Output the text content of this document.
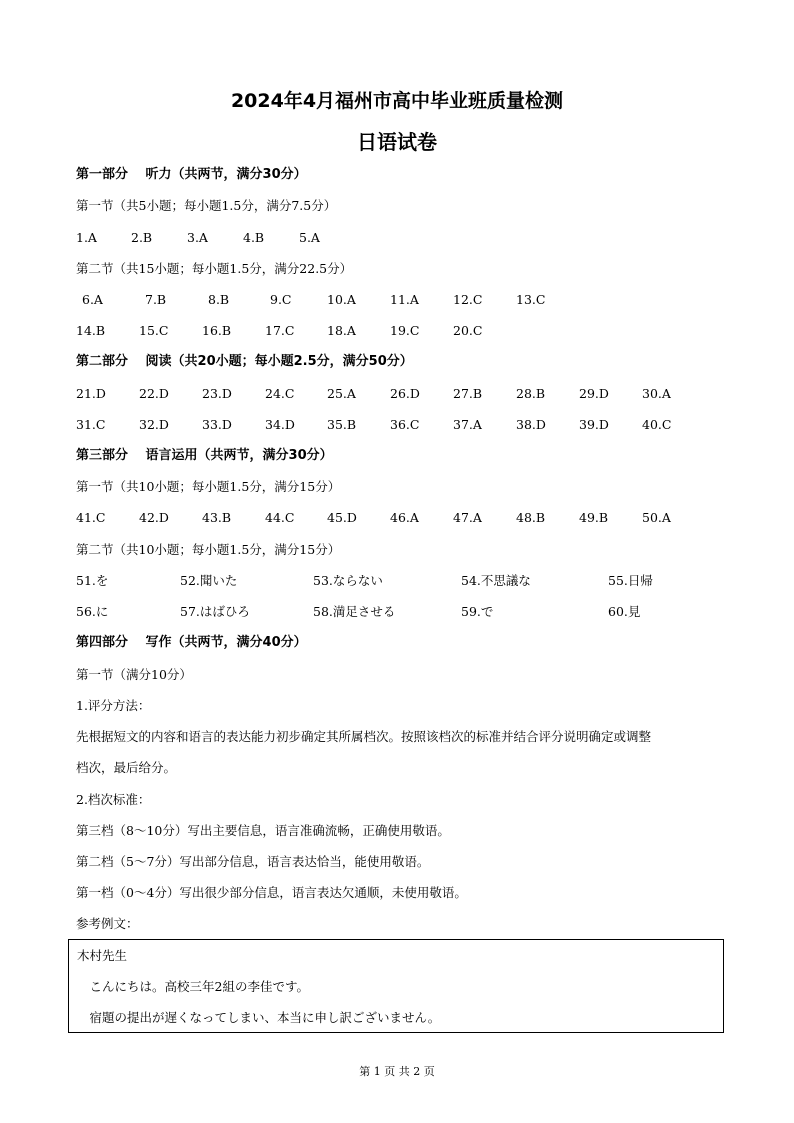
2024年4月福州市高中毕业班质量检测
日语试卷
第一部分　 听力（共两节，满分30分）
第一节（共5小题；每小题1.5分，满分7.5分）
1.A	2.B	3.A	4.B	5.A
第二节（共15小题；每小题1.5分，满分22.5分）
6.A	7.B	8.B	9.C	10.A	11.A	12.C	13.C
14.B	15.C	16.B	17.C	18.A	19.C	20.C
第二部分　 阅读（共20小题；每小题2.5分，满分50分）
21.D	22.D	23.D	24.C	25.A	26.D	27.B	28.B	29.D	30.A
31.C	32.D	33.D	34.D	35.B	36.C	37.A	38.D	39.D	40.C
第三部分　 语言运用（共两节，满分30分）
第一节（共10小题；每小题1.5分，满分15分）
41.C	42.D	43.B	44.C	45.D	46.A	47.A	48.B	49.B	50.A
第二节（共10小题；每小题1.5分，满分15分）
51.を	52.聞いた	53.ならない	54.不思議な	55.日帰
56.に	57.はばひろ	58.満足させる	59.で	60.見
第四部分　 写作（共两节，满分40分）
第一节（满分10分）
1.评分方法：
先根据短文的内容和语言的表达能力初步确定其所属档次。按照该档次的标准并结合评分说明确定或调整
档次，最后给分。
2.档次标准：
第三档（8～10分）写出主要信息，语言准确流畅，正确使用敬语。
第二档（5～7分）写出部分信息，语言表达恰当，能使用敬语。
第一档（0～4分）写出很少部分信息，语言表达欠通顺，未使用敬语。
参考例文：
木村先生
　こんにちは。高校三年2組の李佳です。
　宿題の提出が遅くなってしまい、本当に申し訳ございません。
第 1 页 共 2 页
